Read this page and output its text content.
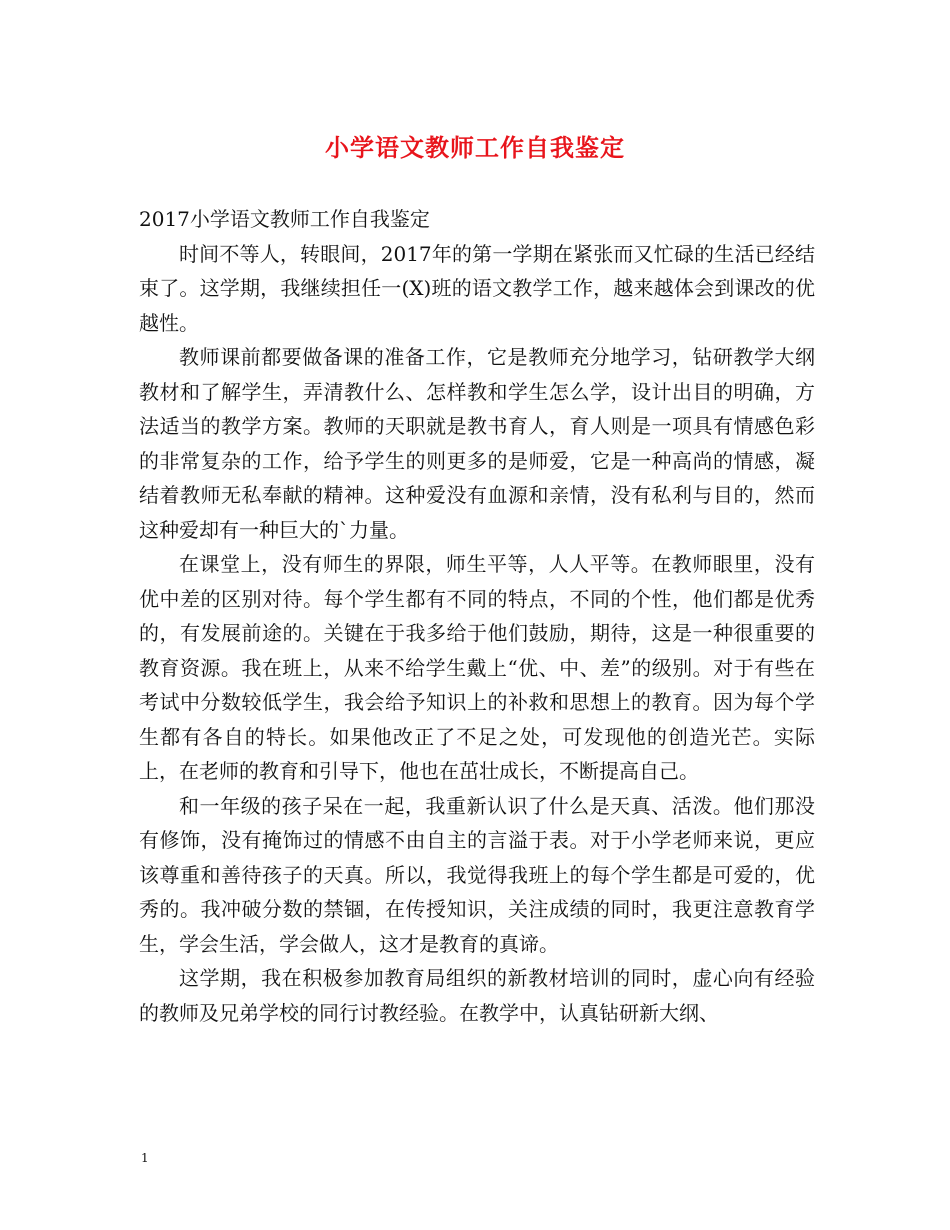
小学语文教师工作自我鉴定

2017小学语文教师工作自我鉴定

时间不等人，转眼间，2017年的第一学期在紧张而又忙碌的生活已经结束了。这学期，我继续担任一(X)班的语文教学工作，越来越体会到课改的优越性。

教师课前都要做备课的准备工作，它是教师充分地学习，钻研教学大纲教材和了解学生，弄清教什么、怎样教和学生怎么学，设计出目的明确，方法适当的教学方案。教师的天职就是教书育人，育人则是一项具有情感色彩的非常复杂的工作，给予学生的则更多的是师爱，它是一种高尚的情感，凝结着教师无私奉献的精神。这种爱没有血源和亲情，没有私利与目的，然而这种爱却有一种巨大的`力量。

在课堂上，没有师生的界限，师生平等，人人平等。在教师眼里，没有优中差的区别对待。每个学生都有不同的特点，不同的个性，他们都是优秀的，有发展前途的。关键在于我多给于他们鼓励，期待，这是一种很重要的教育资源。我在班上，从来不给学生戴上“优、中、差”的级别。对于有些在考试中分数较低学生，我会给予知识上的补救和思想上的教育。因为每个学生都有各自的特长。如果他改正了不足之处，可发现他的创造光芒。实际上，在老师的教育和引导下，他也在茁壮成长，不断提高自己。

和一年级的孩子呆在一起，我重新认识了什么是天真、活泼。他们那没有修饰，没有掩饰过的情感不由自主的言溢于表。对于小学老师来说，更应该尊重和善待孩子的天真。所以，我觉得我班上的每个学生都是可爱的，优秀的。我冲破分数的禁锢，在传授知识，关注成绩的同时，我更注意教育学生，学会生活，学会做人，这才是教育的真谛。

这学期，我在积极参加教育局组织的新教材培训的同时，虚心向有经验的教师及兄弟学校的同行讨教经验。在教学中，认真钻研新大纲、

1
